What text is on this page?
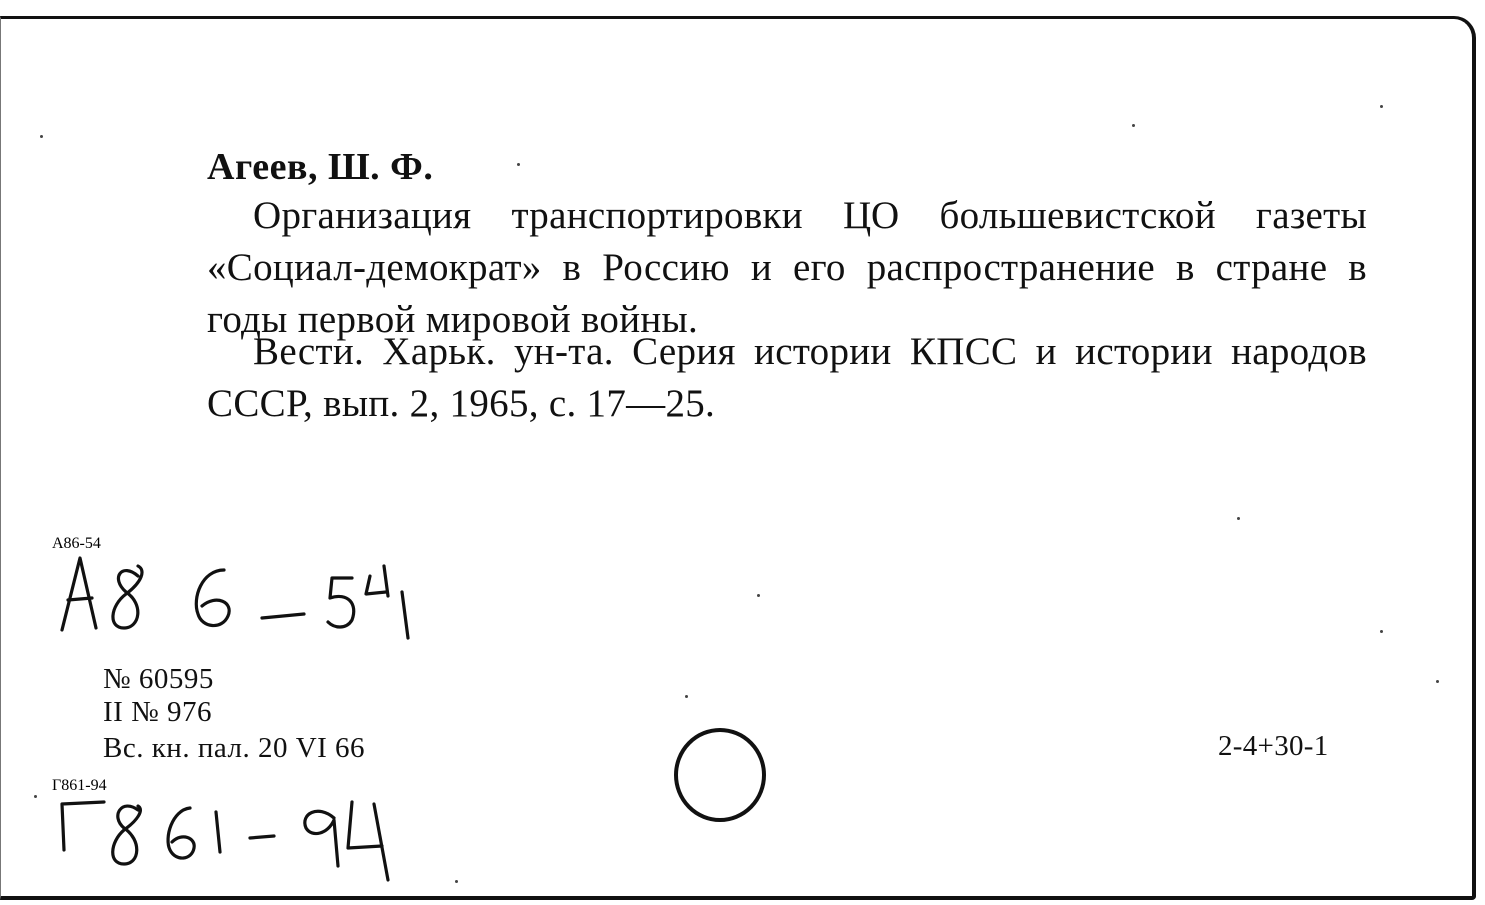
Агеев, Ш. Ф.
Организация транспортировки ЦО большевистской газеты «Социал-демократ» в Россию и его распространение в стране в годы первой мировой войны.
Вести. Харьк. ун-та. Серия истории КПСС и истории народов СССР, вып. 2, 1965, с. 17—25.
А86-54
№ 60595
II № 976
Вс. кн. пал. 20 VI 66	2-4+30-1
Г861-94
